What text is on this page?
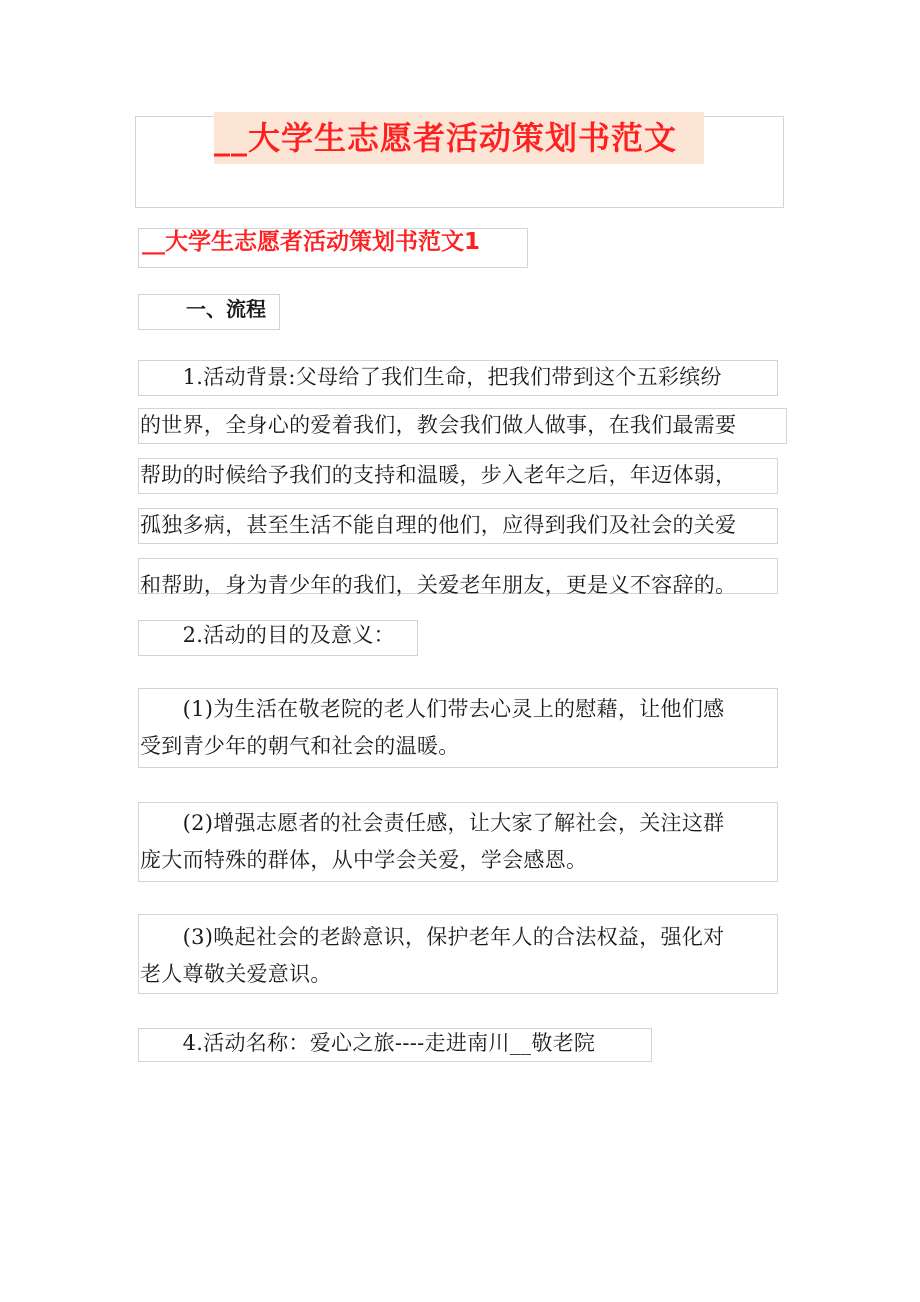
__大学生志愿者活动策划书范文
__大学生志愿者活动策划书范文1
一、流程
　　1.活动背景:父母给了我们生命，把我们带到这个五彩缤纷
的世界，全身心的爱着我们，教会我们做人做事，在我们最需要
帮助的时候给予我们的支持和温暖，步入老年之后，年迈体弱，
孤独多病，甚至生活不能自理的他们，应得到我们及社会的关爱
和帮助，身为青少年的我们，关爱老年朋友，更是义不容辞的。
　　2.活动的目的及意义：
　　(1)为生活在敬老院的老人们带去心灵上的慰藉，让他们感
受到青少年的朝气和社会的温暖。
　　(2)增强志愿者的社会责任感，让大家了解社会，关注这群
庞大而特殊的群体，从中学会关爱，学会感恩。
　　(3)唤起社会的老龄意识，保护老年人的合法权益，强化对
老人尊敬关爱意识。
　　4.活动名称：爱心之旅----走进南川__敬老院
